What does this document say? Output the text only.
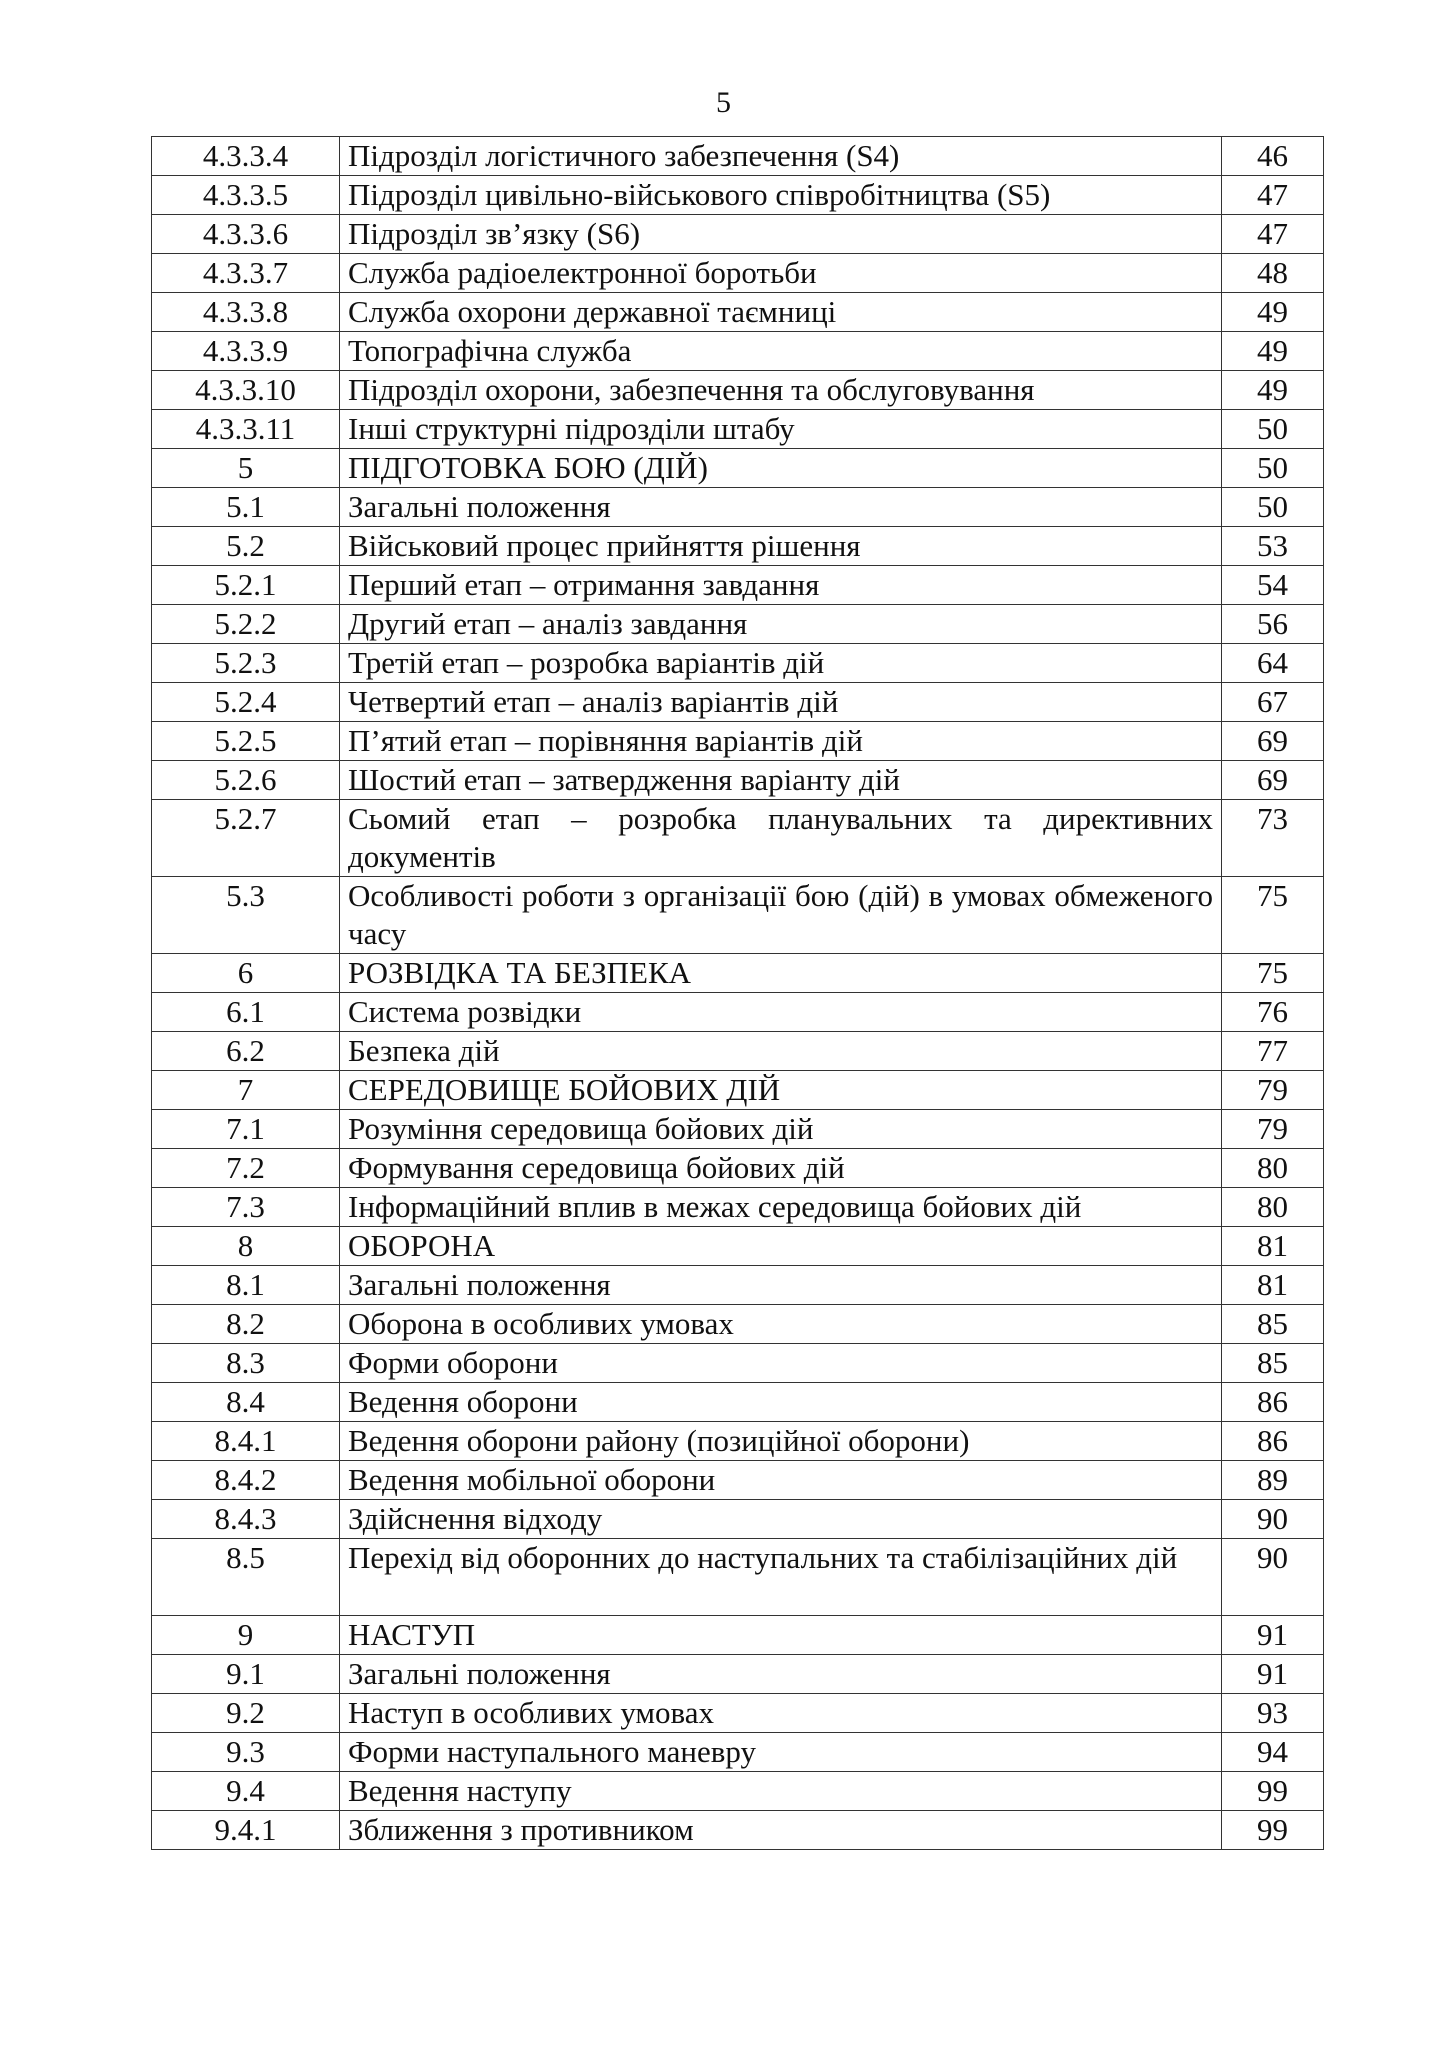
5
4.3.3.4	Підрозділ логістичного забезпечення (S4)	46
4.3.3.5	Підрозділ цивільно-військового співробітництва (S5)	47
4.3.3.6	Підрозділ зв’язку (S6)	47
4.3.3.7	Служба радіоелектронної боротьби	48
4.3.3.8	Служба охорони державної таємниці	49
4.3.3.9	Топографічна служба	49
4.3.3.10	Підрозділ охорони, забезпечення та обслуговування	49
4.3.3.11	Інші структурні підрозділи штабу	50
5	ПІДГОТОВКА БОЮ (ДІЙ)	50
5.1	Загальні положення	50
5.2	Військовий процес прийняття рішення	53
5.2.1	Перший етап – отримання завдання	54
5.2.2	Другий етап – аналіз завдання	56
5.2.3	Третій етап – розробка варіантів дій	64
5.2.4	Четвертий етап – аналіз варіантів дій	67
5.2.5	П’ятий етап – порівняння варіантів дій	69
5.2.6	Шостий етап – затвердження варіанту дій	69
5.2.7	Сьомий етап – розробка планувальних та директивних документів	73
5.3	Особливості роботи з організації бою (дій) в умовах обмеженого часу	75
6	РОЗВІДКА ТА БЕЗПЕКА	75
6.1	Система розвідки	76
6.2	Безпека дій	77
7	СЕРЕДОВИЩЕ БОЙОВИХ ДІЙ	79
7.1	Розуміння середовища бойових дій	79
7.2	Формування середовища бойових дій	80
7.3	Інформаційний вплив в межах середовища бойових дій	80
8	ОБОРОНА	81
8.1	Загальні положення	81
8.2	Оборона в особливих умовах	85
8.3	Форми оборони	85
8.4	Ведення оборони	86
8.4.1	Ведення оборони району (позиційної оборони)	86
8.4.2	Ведення мобільної оборони	89
8.4.3	Здійснення відходу	90
8.5	Перехід від оборонних до наступальних та стабілізаційних дій	90
9	НАСТУП	91
9.1	Загальні положення	91
9.2	Наступ в особливих умовах	93
9.3	Форми наступального маневру	94
9.4	Ведення наступу	99
9.4.1	Зближення з противником	99
